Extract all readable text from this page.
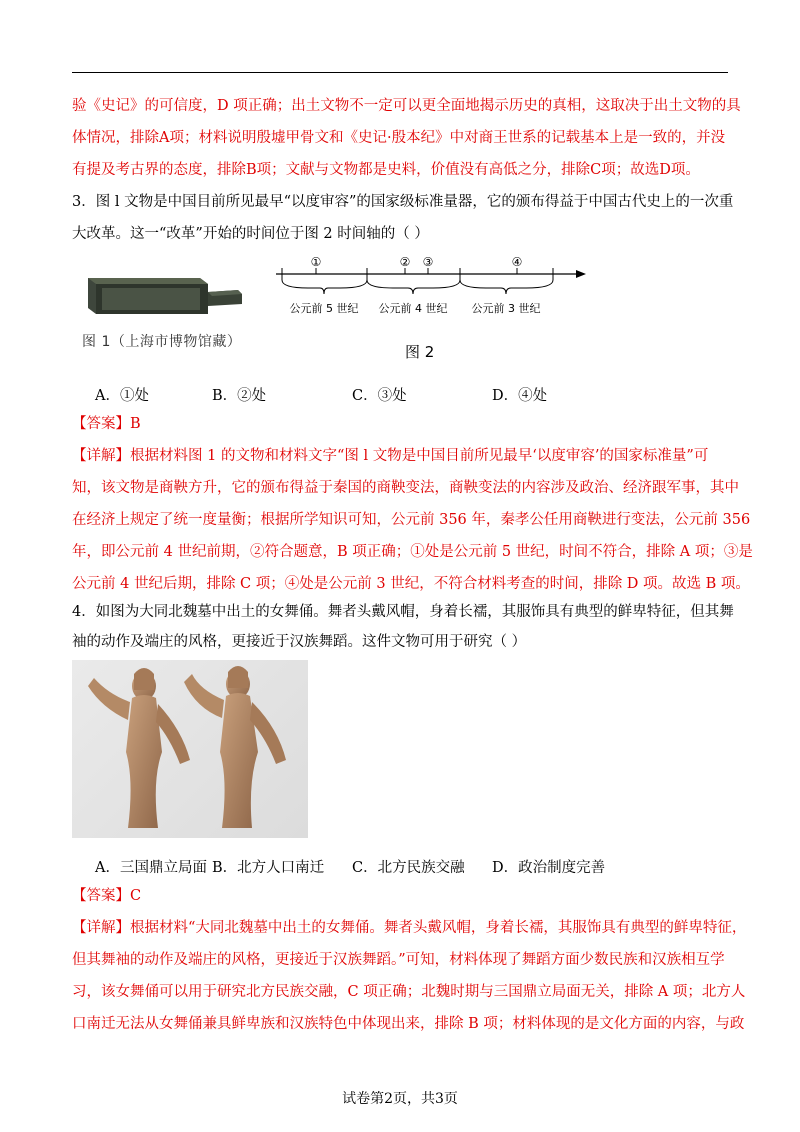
验《史记》的可信度，D 项正确；出土文物不一定可以更全面地揭示历史的真相，这取决于出土文物的具
体情况，排除A项；材料说明殷墟甲骨文和《史记·殷本纪》中对商王世系的记载基本上是一致的，并没
有提及考古界的态度，排除B项；文献与文物都是史料，价值没有高低之分，排除C项；故选D项。
3．图 l 文物是中国目前所见最早“以度审容”的国家级标准量器，它的颁布得益于中国古代史上的一次重
大改革。这一“改革”开始的时间位于图 2 时间轴的（ ）
图 1（上海市博物馆藏）
①	② ③	④
公元前 5 世纪 公元前 4 世纪 公元前 3 世纪
图 2
A．①处	B．②处	C．③处	D．④处
【答案】B
【详解】根据材料图 1 的文物和材料文字“图 l 文物是中国目前所见最早‘以度审容’的国家标准量”可
知，该文物是商鞅方升，它的颁布得益于秦国的商鞅变法，商鞅变法的内容涉及政治、经济跟军事，其中
在经济上规定了统一度量衡；根据所学知识可知，公元前 356 年，秦孝公任用商鞅进行变法，公元前 356
年，即公元前 4 世纪前期，②符合题意，B 项正确；①处是公元前 5 世纪，时间不符合，排除 A 项；③是
公元前 4 世纪后期，排除 C 项；④处是公元前 3 世纪，不符合材料考查的时间，排除 D 项。故选 B 项。
4．如图为大同北魏墓中出土的女舞俑。舞者头戴风帽，身着长襦，其服饰具有典型的鲜卑特征，但其舞
袖的动作及端庄的风格，更接近于汉族舞蹈。这件文物可用于研究（ ）
A．三国鼎立局面 B．北方人口南迁 C．北方民族交融 D．政治制度完善
【答案】C
【详解】根据材料“大同北魏墓中出土的女舞俑。舞者头戴风帽，身着长襦，其服饰具有典型的鲜卑特征，
但其舞袖的动作及端庄的风格，更接近于汉族舞蹈。”可知，材料体现了舞蹈方面少数民族和汉族相互学
习，该女舞俑可以用于研究北方民族交融，C 项正确；北魏时期与三国鼎立局面无关，排除 A 项；北方人
口南迁无法从女舞俑兼具鲜卑族和汉族特色中体现出来，排除 B 项；材料体现的是文化方面的内容，与政
试卷第2页，共3页
